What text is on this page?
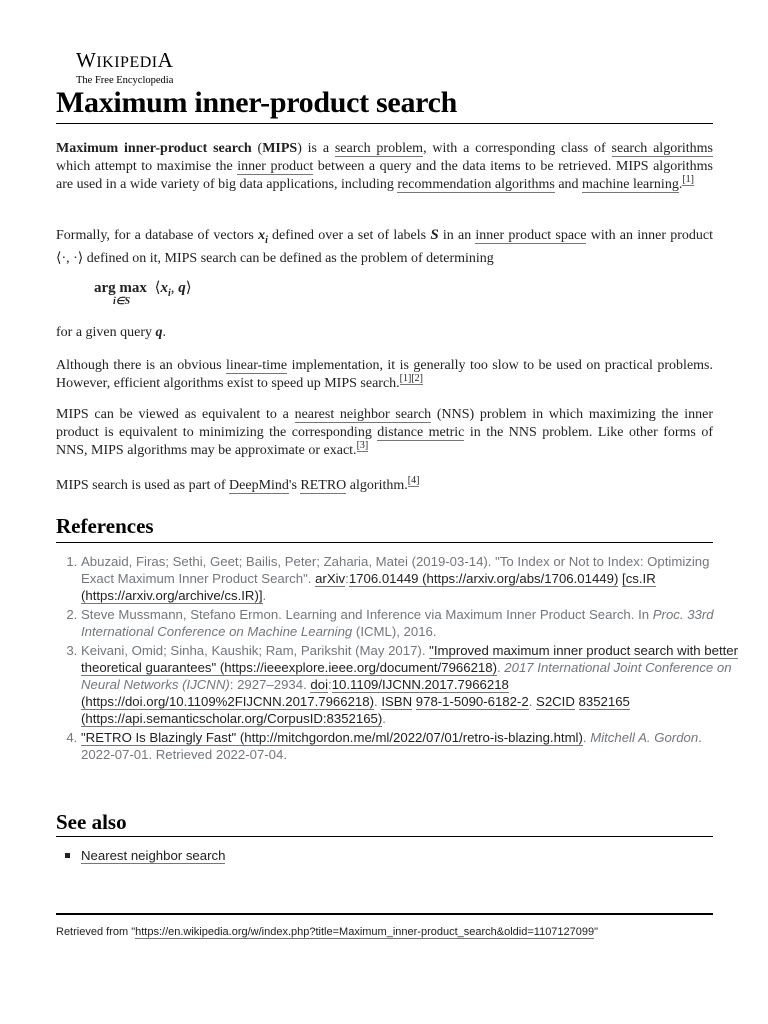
WIKIPEDIA
The Free Encyclopedia
Maximum inner-product search

Maximum inner-product search (MIPS) is a search problem, with a corresponding class of search algorithms which attempt to maximise the inner product between a query and the data items to be retrieved. MIPS algorithms are used in a wide variety of big data applications, including recommendation algorithms and machine learning.[1]

Formally, for a database of vectors $x_i$ defined over a set of labels S in an inner product space with an inner product ⟨·, ·⟩ defined on it, MIPS search can be defined as the problem of determining

arg max
i∈S
$⟨x_i$, q⟩

for a given query q.

Although there is an obvious linear-time implementation, it is generally too slow to be used on practical problems. However, efficient algorithms exist to speed up MIPS search.[1][2]

MIPS can be viewed as equivalent to a nearest neighbor search (NNS) problem in which maximizing the inner product is equivalent to minimizing the corresponding distance metric in the NNS problem. Like other forms of NNS, MIPS algorithms may be approximate or exact.[3]

MIPS search is used as part of DeepMind's RETRO algorithm.[4]

References
1. Abuzaid, Firas; Sethi, Geet; Bailis, Peter; Zaharia, Matei (2019-03-14). "To Index or Not to Index: Optimizing Exact Maximum Inner Product Search". arXiv:1706.01449 (https://arxiv.org/abs/1706.01449) [cs.IR (https://arxiv.org/archive/cs.IR)].
2. Steve Mussmann, Stefano Ermon. Learning and Inference via Maximum Inner Product Search. In Proc. 33rd International Conference on Machine Learning (ICML), 2016.
3. Keivani, Omid; Sinha, Kaushik; Ram, Parikshit (May 2017). "Improved maximum inner product search with better theoretical guarantees" (https://ieeexplore.ieee.org/document/7966218). 2017 International Joint Conference on Neural Networks (IJCNN): 2927–2934. doi:10.1109/IJCNN.2017.7966218 (https://doi.org/10.1109%2FIJCNN.2017.7966218). ISBN 978-1-5090-6182-2. S2CID 8352165 (https://api.semanticscholar.org/CorpusID:8352165).
4. "RETRO Is Blazingly Fast" (http://mitchgordon.me/ml/2022/07/01/retro-is-blazing.html). Mitchell A. Gordon. 2022-07-01. Retrieved 2022-07-04.
See also
Nearest neighbor search
Retrieved from "https://en.wikipedia.org/w/index.php?title=Maximum_inner-product_search&oldid=1107127099"
